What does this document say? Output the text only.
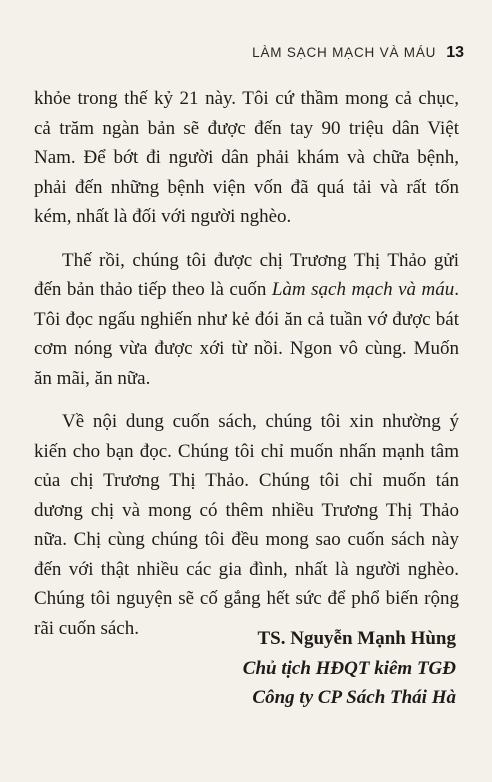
LÀM SẠCH MẠCH VÀ MÁU 13

khỏe trong thế kỷ 21 này. Tôi cứ thầm mong cả chục, cả trăm ngàn bản sẽ được đến tay 90 triệu dân Việt Nam. Để bớt đi người dân phải khám và chữa bệnh, phải đến những bệnh viện vốn đã quá tải và rất tốn kém, nhất là đối với người nghèo.

Thế rồi, chúng tôi được chị Trương Thị Thảo gửi đến bản thảo tiếp theo là cuốn Làm sạch mạch và máu. Tôi đọc ngấu nghiến như kẻ đói ăn cả tuần vớ được bát cơm nóng vừa được xới từ nồi. Ngon vô cùng. Muốn ăn mãi, ăn nữa.

Về nội dung cuốn sách, chúng tôi xin nhường ý kiến cho bạn đọc. Chúng tôi chỉ muốn nhấn mạnh tâm của chị Trương Thị Thảo. Chúng tôi chỉ muốn tán dương chị và mong có thêm nhiều Trương Thị Thảo nữa. Chị cùng chúng tôi đều mong sao cuốn sách này đến với thật nhiều các gia đình, nhất là người nghèo. Chúng tôi nguyện sẽ cố gắng hết sức để phổ biến rộng rãi cuốn sách.	TS. Nguyễn Mạnh Hùng
Chủ tịch HĐQT kiêm TGĐ
Công ty CP Sách Thái Hà
